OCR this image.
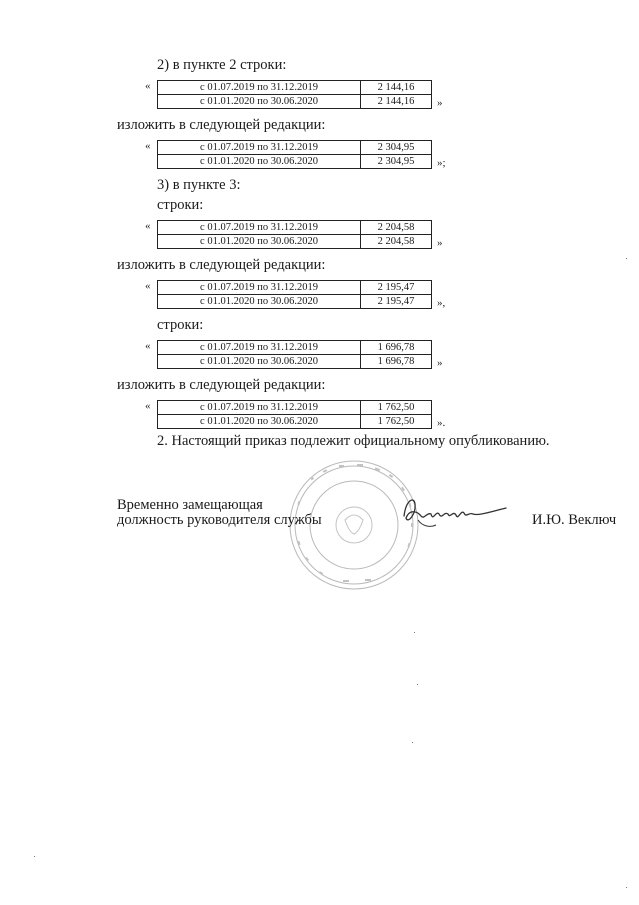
2) в пункте 2 строки:
«	с 01.07.2019 по 31.12.2019	2 144,16
с 01.01.2020 по 30.06.2020	2 144,16 »
изложить в следующей редакции:
«	с 01.07.2019 по 31.12.2019	2 304,95
с 01.01.2020 по 30.06.2020	2 304,95 »;
3) в пункте 3:
строки:
«	с 01.07.2019 по 31.12.2019	2 204,58
с 01.01.2020 по 30.06.2020	2 204,58 »
изложить в следующей редакции:
«	с 01.07.2019 по 31.12.2019	2 195,47
с 01.01.2020 по 30.06.2020	2 195,47 »,
строки:
«	с 01.07.2019 по 31.12.2019	1 696,78
с 01.01.2020 по 30.06.2020	1 696,78 »
изложить в следующей редакции:
«	с 01.07.2019 по 31.12.2019	1 762,50
с 01.01.2020 по 30.06.2020	1 762,50 ».
2. Настоящий приказ подлежит официальному опубликованию.
Временно замещающая
должность руководителя службы	И.Ю. Веключ
